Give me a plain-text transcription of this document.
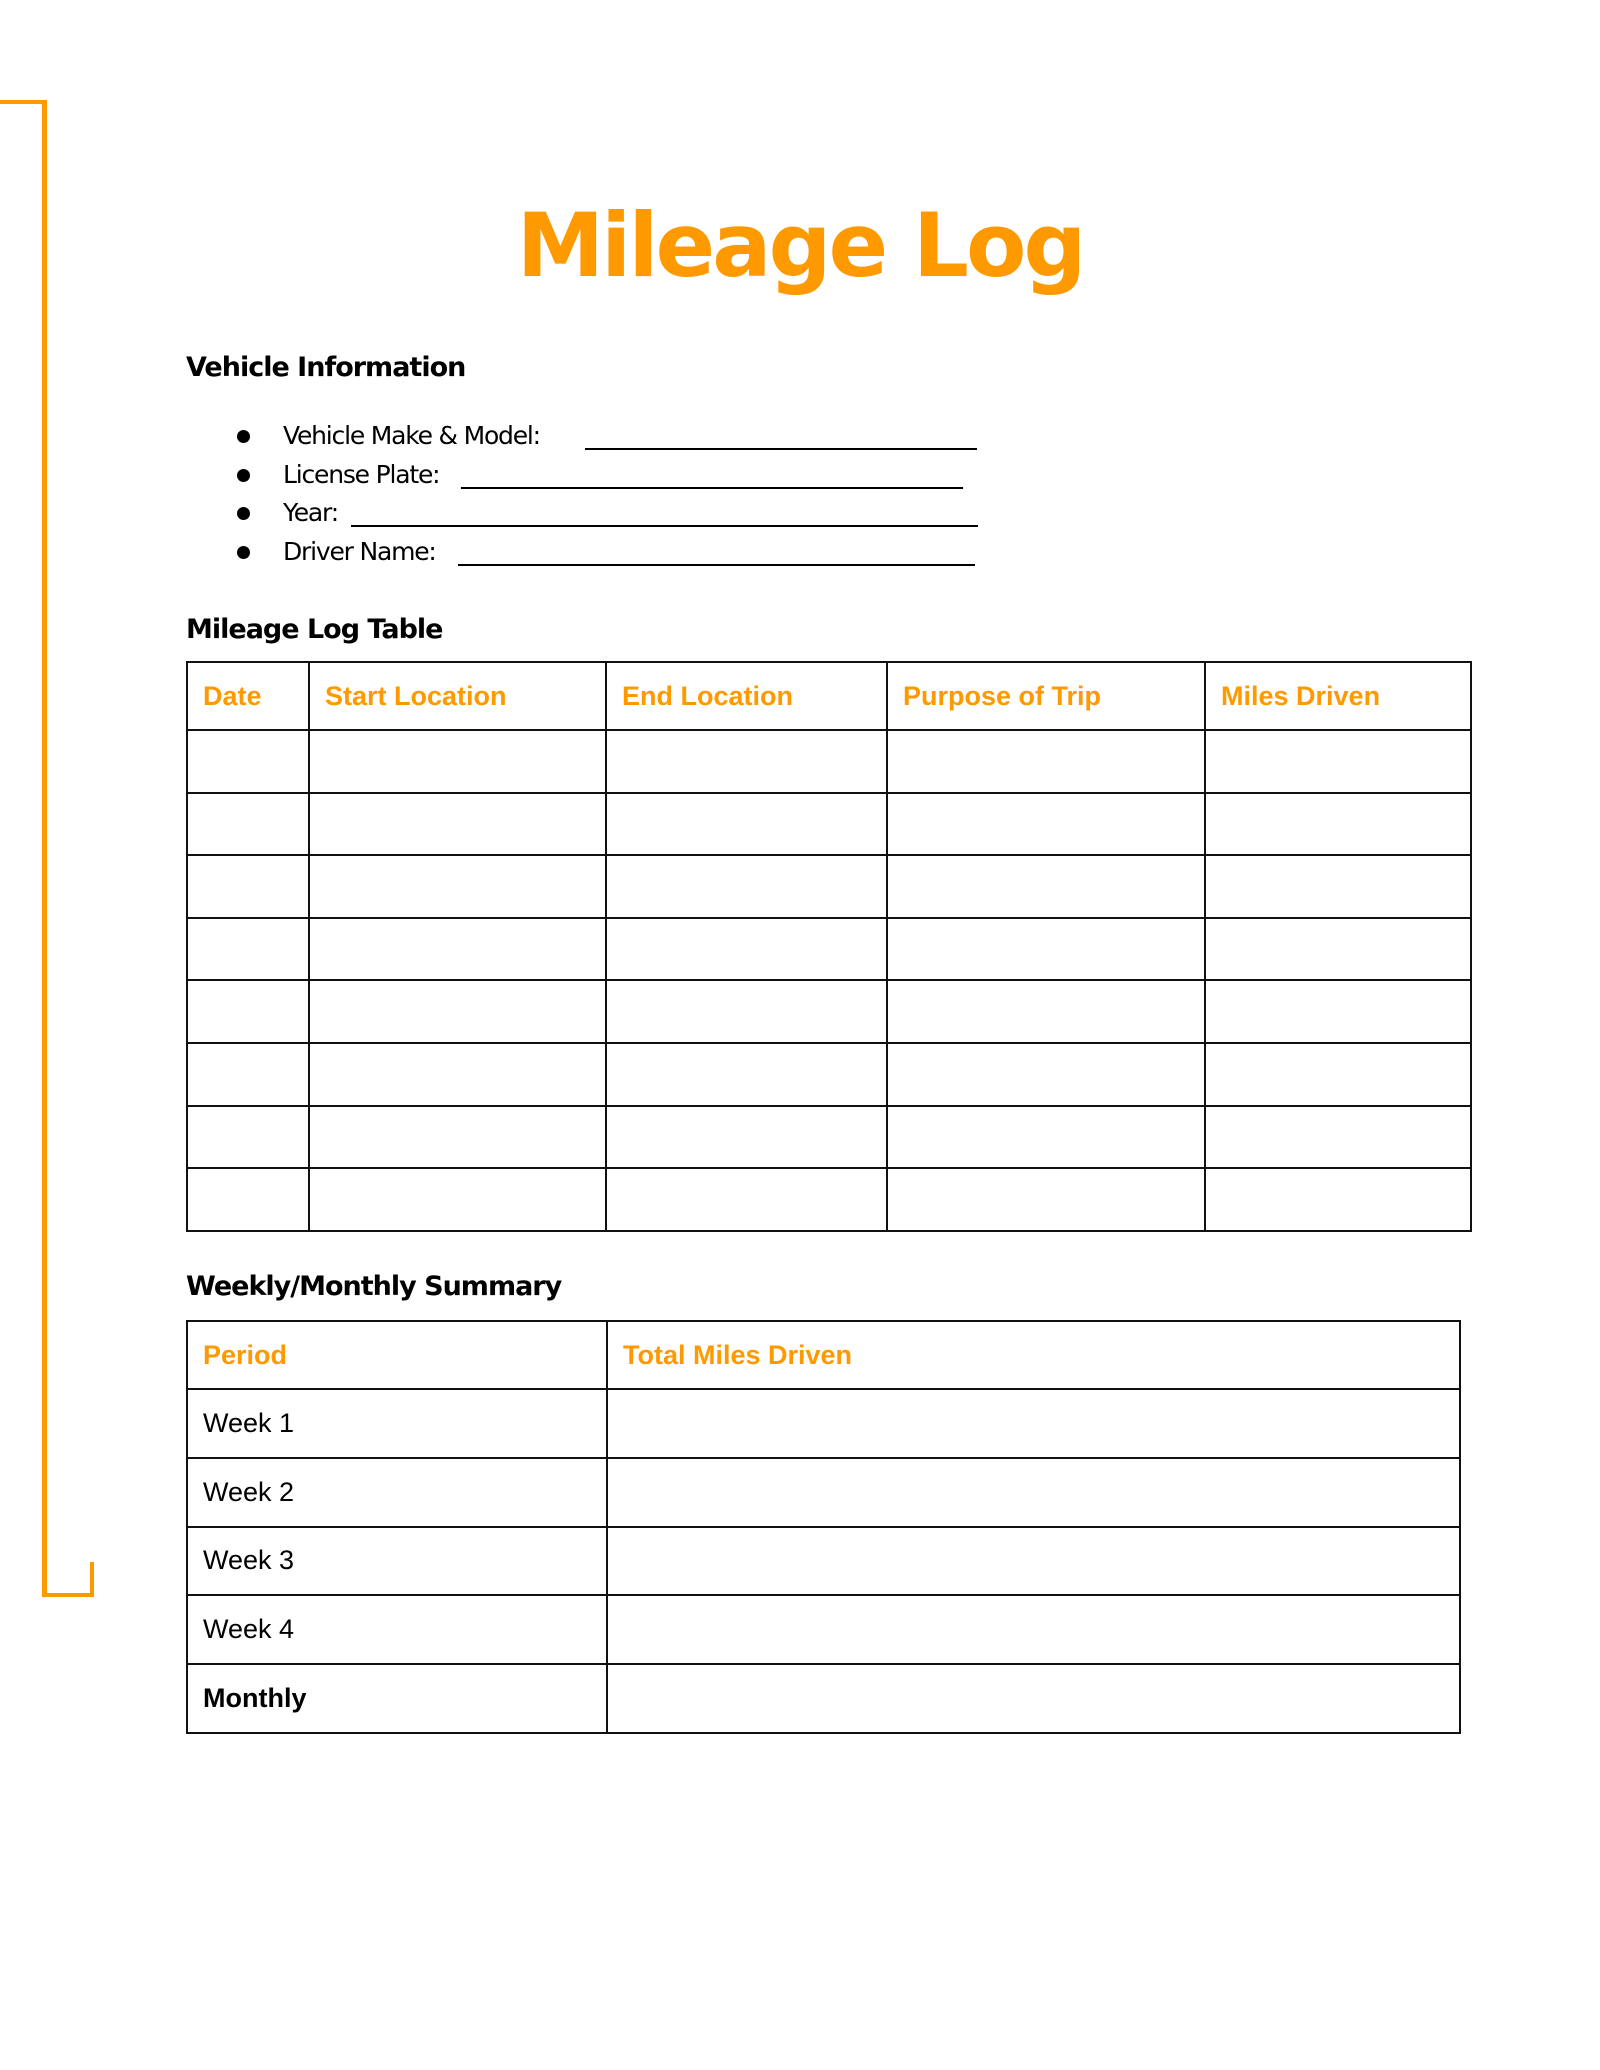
Mileage Log
Vehicle Information
Vehicle Make & Model:
License Plate:
Year:
Driver Name:
Mileage Log Table
Date	Start Location	End Location	Purpose of Trip	Miles Driven

Weekly/Monthly Summary
Period	Total Miles Driven
Week 1	
Week 2	
Week 3	
Week 4	
Monthly	
